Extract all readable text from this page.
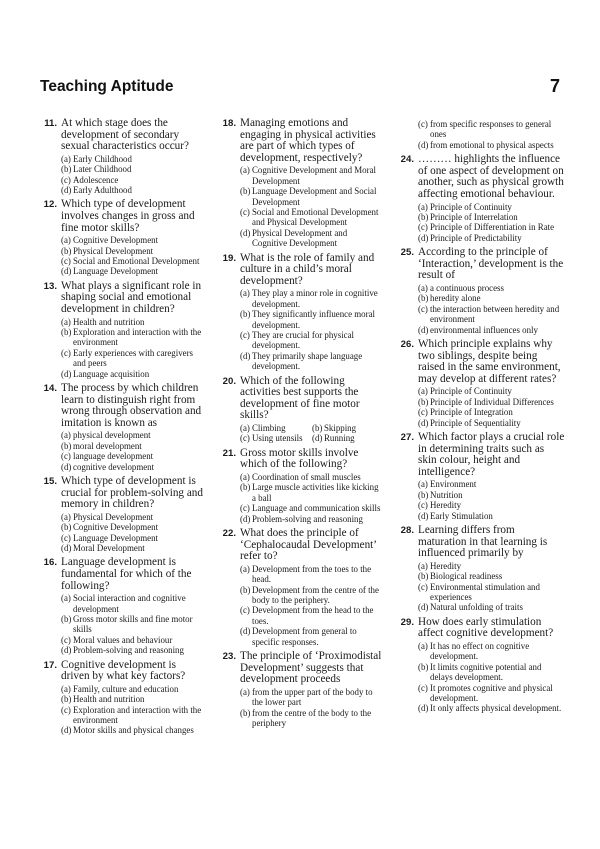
Teaching Aptitude	7
11. At which stage does the development of secondary sexual characteristics occur?
(a) Early Childhood
(b) Later Childhood
(c) Adolescence
(d) Early Adulthood
12. Which type of development involves changes in gross and fine motor skills?
(a) Cognitive Development
(b) Physical Development
(c) Social and Emotional Development
(d) Language Development
13. What plays a significant role in shaping social and emotional development in children?
(a) Health and nutrition
(b) Exploration and interaction with the environment
(c) Early experiences with caregivers and peers
(d) Language acquisition
14. The process by which children learn to distinguish right from wrong through observation and imitation is known as
(a) physical development
(b) moral development
(c) language development
(d) cognitive development
15. Which type of development is crucial for problem-solving and memory in children?
(a) Physical Development
(b) Cognitive Development
(c) Language Development
(d) Moral Development
16. Language development is fundamental for which of the following?
(a) Social interaction and cognitive development
(b) Gross motor skills and fine motor skills
(c) Moral values and behaviour
(d) Problem-solving and reasoning
17. Cognitive development is driven by what key factors?
(a) Family, culture and education
(b) Health and nutrition
(c) Exploration and interaction with the environment
(d) Motor skills and physical changes
18. Managing emotions and engaging in physical activities are part of which types of development, respectively?
(a) Cognitive Development and Moral Development
(b) Language Development and Social Development
(c) Social and Emotional Development and Physical Development
(d) Physical Development and Cognitive Development
19. What is the role of family and culture in a child’s moral development?
(a) They play a minor role in cognitive development.
(b) They significantly influence moral development.
(c) They are crucial for physical development.
(d) They primarily shape language development.
20. Which of the following activities best supports the development of fine motor skills?
(a) Climbing	(b) Skipping
(c) Using utensils	(d) Running
21. Gross motor skills involve which of the following?
(a) Coordination of small muscles
(b) Large muscle activities like kicking a ball
(c) Language and communication skills
(d) Problem-solving and reasoning
22. What does the principle of ‘Cephalocaudal Development’ refer to?
(a) Development from the toes to the head.
(b) Development from the centre of the body to the periphery.
(c) Development from the head to the toes.
(d) Development from general to specific responses.
23. The principle of ‘Proximodistal Development’ suggests that development proceeds
(a) from the upper part of the body to the lower part
(b) from the centre of the body to the periphery
(c) from specific responses to general ones
(d) from emotional to physical aspects
24. ……… highlights the influence of one aspect of development on another, such as physical growth affecting emotional behaviour.
(a) Principle of Continuity
(b) Principle of Interrelation
(c) Principle of Differentiation in Rate
(d) Principle of Predictability
25. According to the principle of ‘Interaction,’ development is the result of
(a) a continuous process
(b) heredity alone
(c) the interaction between heredity and environment
(d) environmental influences only
26. Which principle explains why two siblings, despite being raised in the same environment, may develop at different rates?
(a) Principle of Continuity
(b) Principle of Individual Differences
(c) Principle of Integration
(d) Principle of Sequentiality
27. Which factor plays a crucial role in determining traits such as skin colour, height and intelligence?
(a) Environment
(b) Nutrition
(c) Heredity
(d) Early Stimulation
28. Learning differs from maturation in that learning is influenced primarily by
(a) Heredity
(b) Biological readiness
(c) Environmental stimulation and experiences
(d) Natural unfolding of traits
29. How does early stimulation affect cognitive development?
(a) It has no effect on cognitive development.
(b) It limits cognitive potential and delays development.
(c) It promotes cognitive and physical development.
(d) It only affects physical development.
